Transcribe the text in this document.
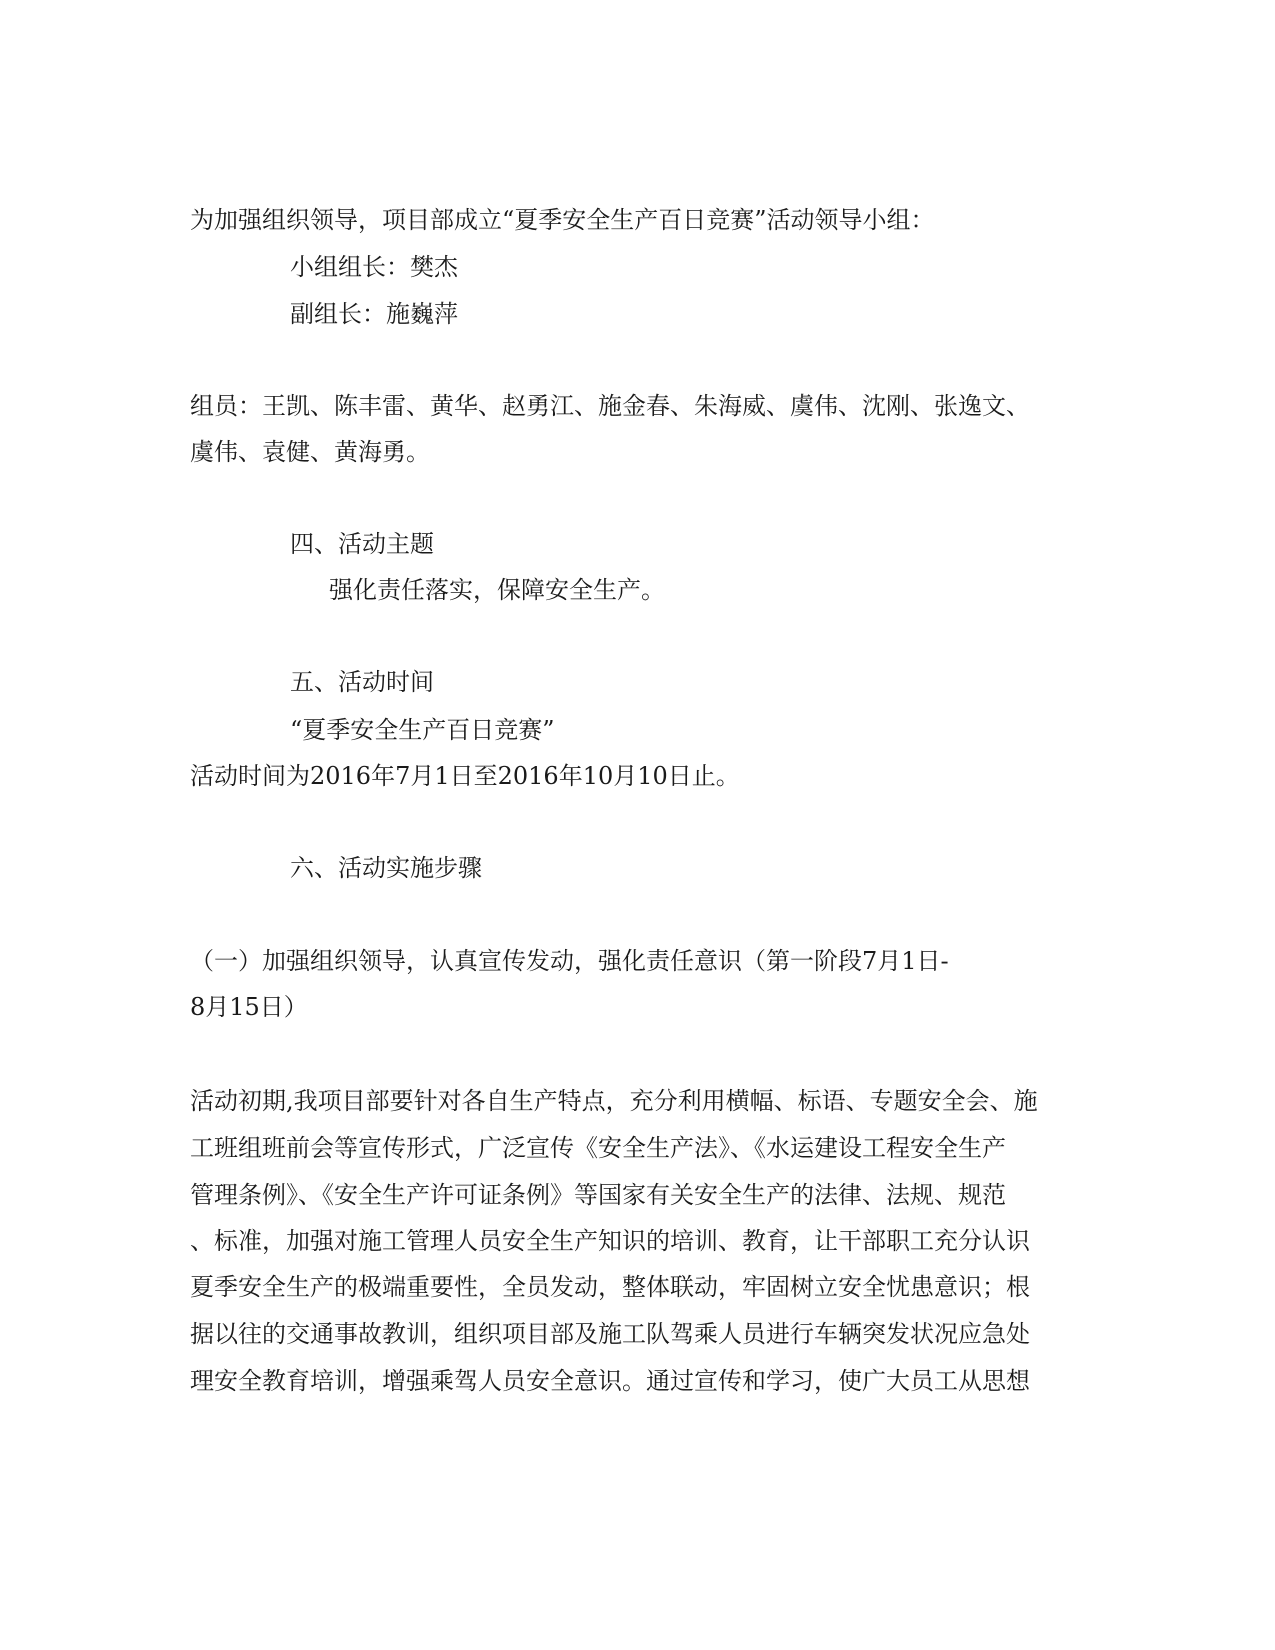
为加强组织领导，项目部成立“夏季安全生产百日竞赛”活动领导小组：
小组组长：樊杰
副组长：施巍萍
组员：王凯、陈丰雷、黄华、赵勇江、施金春、朱海威、虞伟、沈刚、张逸文、
虞伟、袁健、黄海勇。
四、活动主题
强化责任落实，保障安全生产。
五、活动时间
“夏季安全生产百日竞赛”
活动时间为2016年7月1日至2016年10月10日止。
六、活动实施步骤
（一）加强组织领导，认真宣传发动，强化责任意识（第一阶段7月1日-
8月15日）
活动初期,我项目部要针对各自生产特点，充分利用横幅、标语、专题安全会、施
工班组班前会等宣传形式，广泛宣传《安全生产法》、《水运建设工程安全生产
管理条例》、《安全生产许可证条例》等国家有关安全生产的法律、法规、规范
、标准，加强对施工管理人员安全生产知识的培训、教育，让干部职工充分认识
夏季安全生产的极端重要性，全员发动，整体联动，牢固树立安全忧患意识；根
据以往的交通事故教训，组织项目部及施工队驾乘人员进行车辆突发状况应急处
理安全教育培训，增强乘驾人员安全意识。通过宣传和学习，使广大员工从思想
